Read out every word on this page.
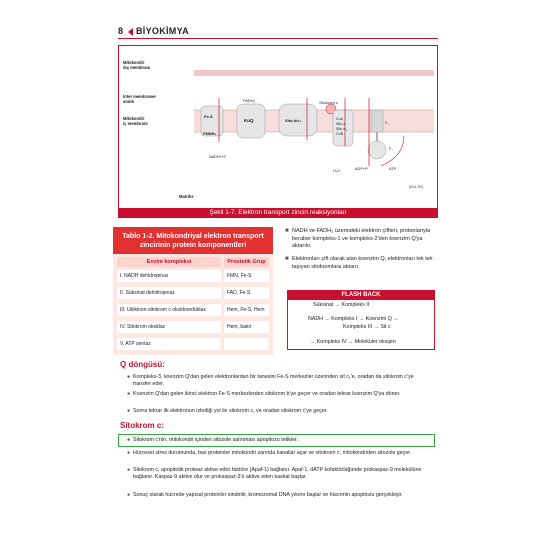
8 BİYOKİMYA
Mitokondri dış membranı
İnter membraner aralık
Mitokondri iç membranı
Matriks
FMNH₂
Fe-S
KuQ
FADH₂
Sito b/c₁
Sitokrom c
CuA Sito a Sito a₃ CuB
NADH+H⁺
H₂O	ADP+Pᵢ	ATP
F₀
F₁
(Ek1-R3)
Şekil 1-7. Elektron transport zinciri reaksiyonları
Tablo 1-2. Mitokondriyal elektron transport zincirinin protein komponentleri
Enzim kompleksi	Prostetik Grup
I. NADH dehidrojenaz	FMN, Fe-S
II. Süksinat dehidrojenaz	FAD, Fe-S
III. Ubikinon-sitokrom c oksidoredüktaz	Hem, Fe-S, Hem
IV. Sitokrom oksidaz	Hem, bakır
V. ATP sentaz
■ NADH ve FADH₂ üzerindeki elektron çiftleri, protonlarıyla beraber kompleks-1 ve kompleks-2'den koenzim Q'ya aktarılır.
■ Elektronları çift olarak alan koenzim Q, elektronları tek tek taşıyan sitokromlara aktarır.
FLASH BACK
Süksinat → Kompleks II
NADH → Kompleks I → Koenzim Q →
Kompleks III → Sit c
→ Kompleks IV → Moleküler oksijen
Q döngüsü:
● Kompleks-3, koenzim Q'dan gelen elektronlardan bir tanesini Fe-S merkezler üzerinden sit c₁'e, oradan da sitokrom c'ye transfer eder.
● Koenzim Q'dan gelen ikinci elektron Fe-S merkezlerden sitokrom b'ye geçer ve oradan tekrar koenzim Q'ya döner.
● Sonra tekrar ilk elektronun izlediği yol ile sitokrom c, ve oradan sitokrom c'ye geçer.
Sitokrom c:
● Sitokrom c'nin, mitokondri içinden sitozole salınması apopitozu tetikler.
● Hücresel stres durumunda, bax proteinler mitokondri zarında kanallar açar ve sitokrom c, mitokondriden sitozole geçer.
● Sitokrom c, apopitotik proteaz aktive edici faktöre (Apaf-1) bağlanır. Apaf-1, dATP kofaktörlüğünde prokaspaz-9 molekülüne bağlanır. Kaspaz-9 aktive olur ve prokaspaz-3'ü aktive eden kaskat başlar.
● Sonuç olarak hücrede yapısal proteinler sindirilir, kromozomal DNA yıkımı başlar ve hücrenin apopitozu gerçekleşir.
